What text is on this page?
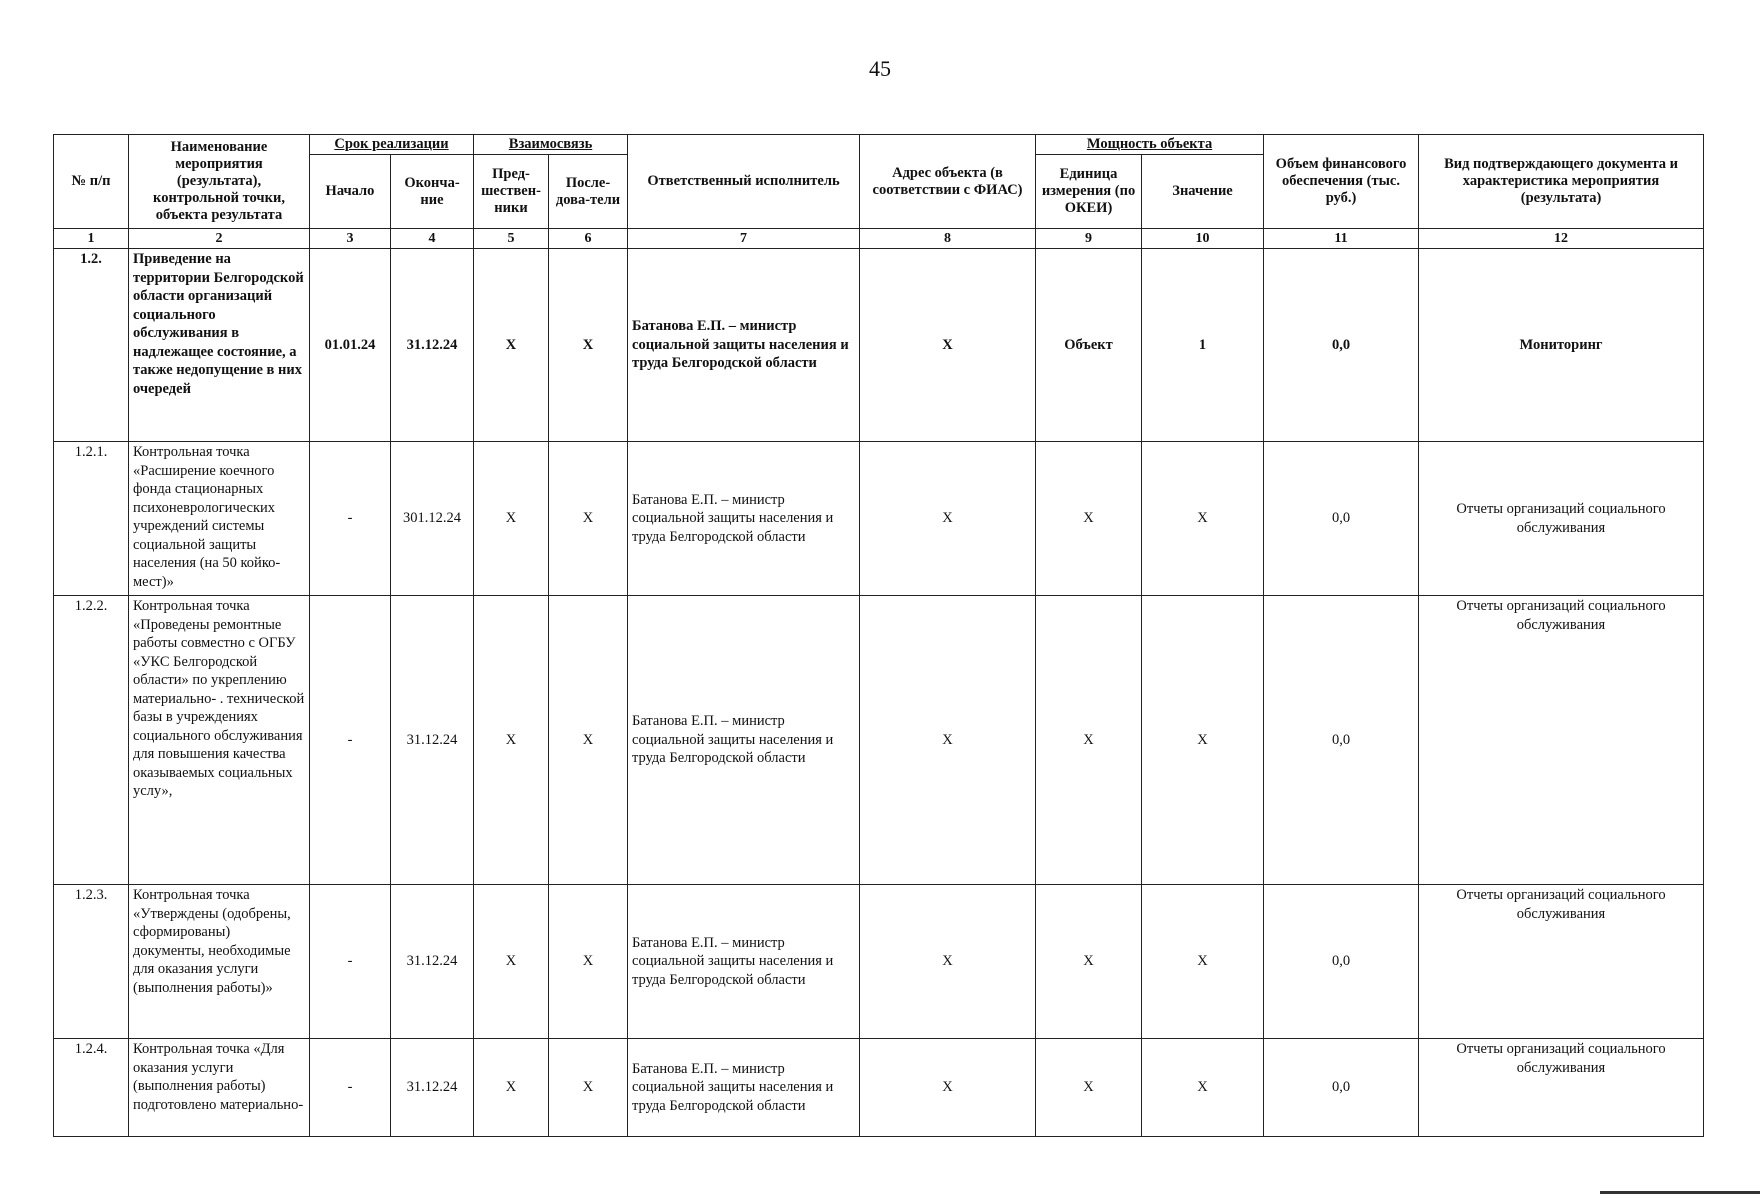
45
№ п/п	Наименование мероприятия (результата), контрольной точки, объекта результата	Срок реализации		Взаимосвязь		Ответственный исполнитель	Адрес объекта (в соответствии с ФИАС)	Мощность объекта		Объем финансового обеспечения (тыс. руб.)	Вид подтверждающего документа и характеристика мероприятия (результата)
		Начало	Оконча-ние	Пред-шествен-ники	После-дова-тели			Единица измерения (по ОКЕИ)	Значение		
1	2	3	4	5	6	7	8	9	10	11	12
1.2.	Приведение на территории Белгородской области организаций социального обслуживания в надлежащее состояние, а также недопущение в них очередей	01.01.24	31.12.24	Х	Х	Батанова Е.П. – министр социальной защиты населения и труда Белгородской области	Х	Объект	1	0,0	Мониторинг
1.2.1.	Контрольная точка «Расширение коечного фонда стационарных психоневрологических учреждений системы социальной защиты населения (на 50 койко-мест)»	-	301.12.24	Х	Х	Батанова Е.П. – министр социальной защиты населения и труда Белгородской области	Х	Х	Х	0,0	Отчеты организаций социального обслуживания
1.2.2.	Контрольная точка «Проведены ремонтные работы совместно с ОГБУ «УКС Белгородской области» по укреплению материально- . технической базы в учреждениях социального обслуживания для повышения качества оказываемых социальных услу»,	-	31.12.24	Х	Х	Батанова Е.П. – министр социальной защиты населения и труда Белгородской области	Х	Х	Х	0,0	Отчеты организаций социального обслуживания
1.2.3.	Контрольная точка «Утверждены (одобрены, сформированы) документы, необходимые для оказания услуги (выполнения работы)»	-	31.12.24	Х	Х	Батанова Е.П. – министр социальной защиты населения и труда Белгородской области	Х	Х	Х	0,0	Отчеты организаций социального обслуживания
1.2.4.	Контрольная точка «Для оказания услуги (выполнения работы) подготовлено материально-	-	31.12.24	Х	Х	Батанова Е.П. – министр социальной защиты населения и труда Белгородской области	Х	Х	Х	0,0	Отчеты организаций социального обслуживания
